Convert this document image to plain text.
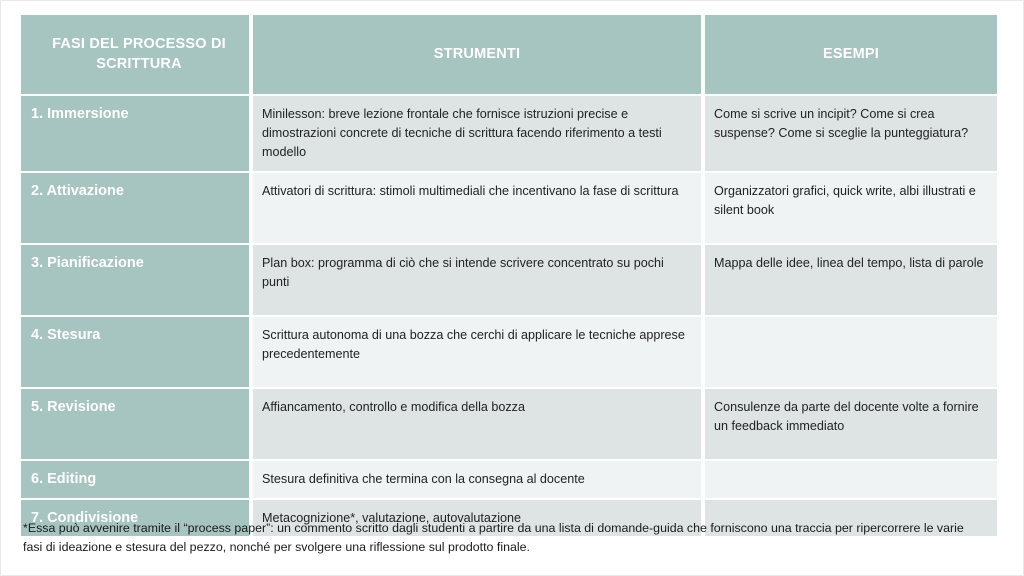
FASI DEL PROCESSO DI SCRITTURA	STRUMENTI	ESEMPI
1. Immersione	Minilesson: breve lezione frontale che fornisce istruzioni precise e dimostrazioni concrete di tecniche di scrittura facendo riferimento a testi modello	Come si scrive un incipit? Come si crea suspense? Come si sceglie la punteggiatura?
2. Attivazione	Attivatori di scrittura: stimoli multimediali che incentivano la fase di scrittura	Organizzatori grafici, quick write, albi illustrati e silent book
3. Pianificazione	Plan box: programma di ciò che si intende scrivere concentrato su pochi punti	Mappa delle idee, linea del tempo, lista di parole
4. Stesura	Scrittura autonoma di una bozza che cerchi di applicare le tecniche apprese precedentemente	
5. Revisione	Affiancamento, controllo e modifica della bozza	Consulenze da parte del docente volte a fornire un feedback immediato
6. Editing	Stesura definitiva che termina con la consegna al docente	
7. Condivisione	Metacognizione*, valutazione, autovalutazione	
*Essa può avvenire tramite il “process paper”: un commento scritto dagli studenti a partire da una lista di domande-guida che forniscono una traccia per ripercorrere le varie fasi di ideazione e stesura del pezzo, nonché per svolgere una riflessione sul prodotto finale.
